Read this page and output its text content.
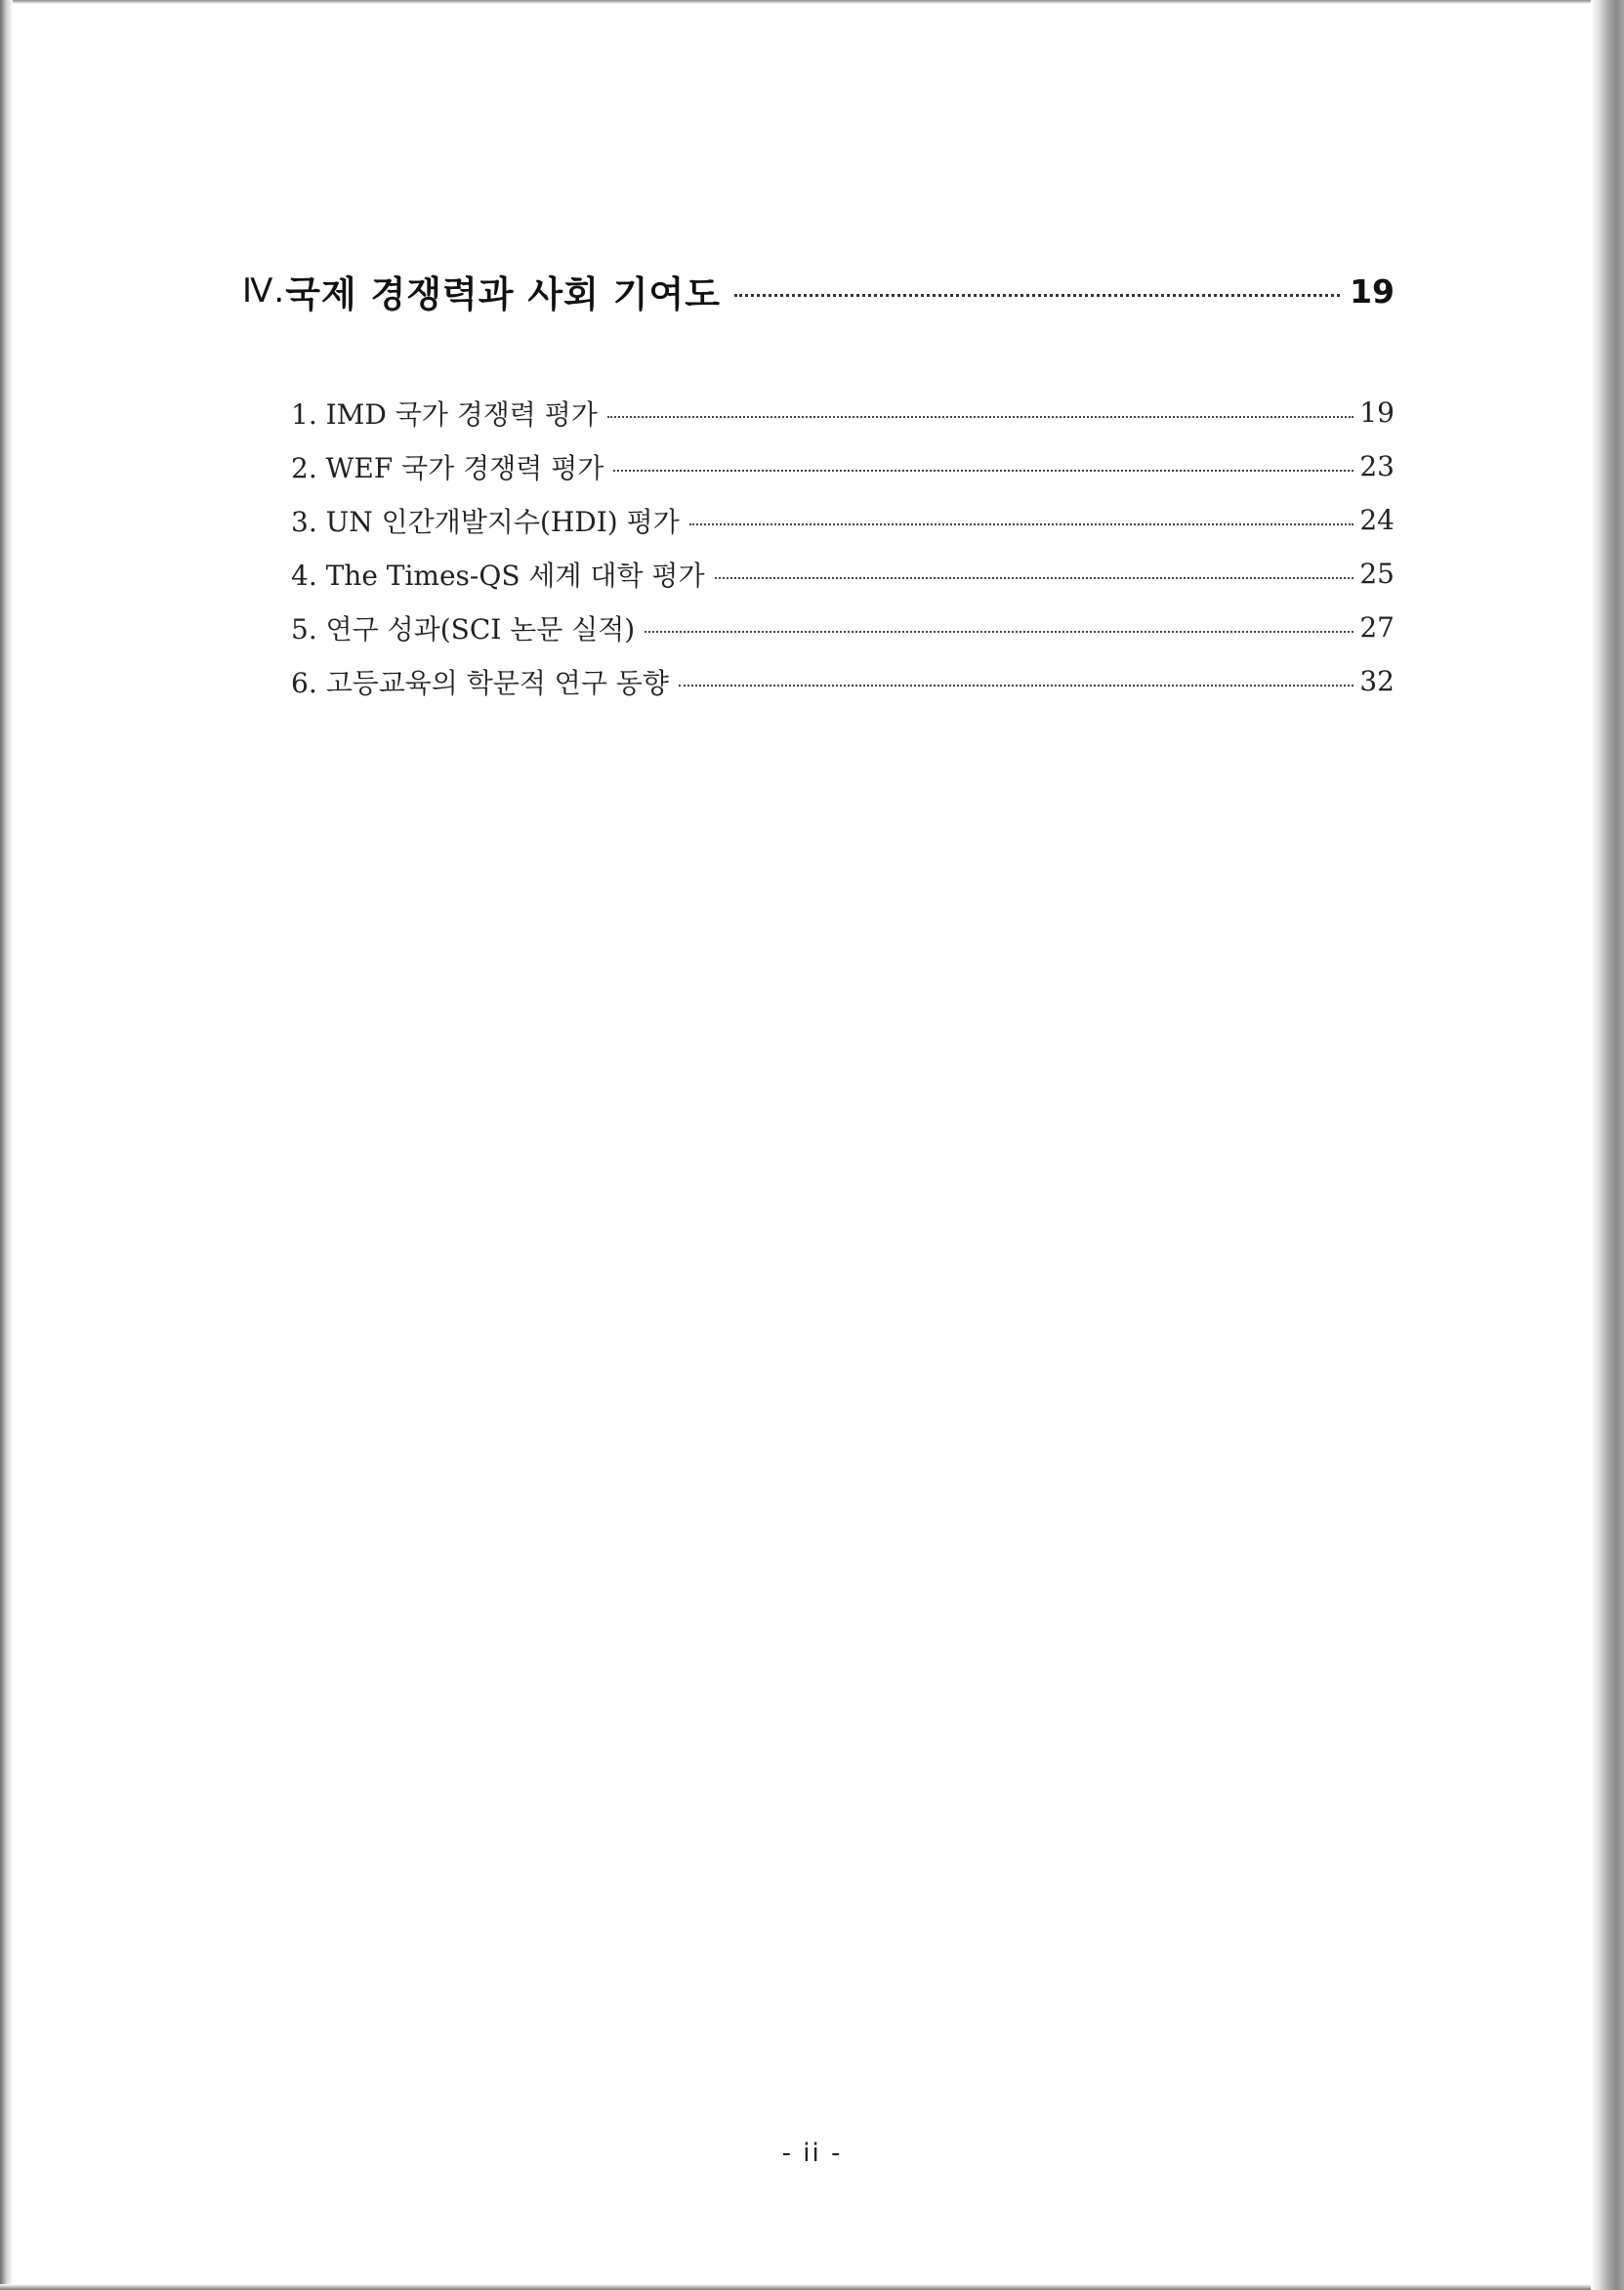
Ⅳ. 국제 경쟁력과 사회 기여도	19
1. IMD 국가 경쟁력 평가	19
2. WEF 국가 경쟁력 평가	23
3. UN 인간개발지수(HDI) 평가	24
4. The Times-QS 세계 대학 평가	25
5. 연구 성과(SCI 논문 실적)	27
6. 고등교육의 학문적 연구 동향	32
- ii -
